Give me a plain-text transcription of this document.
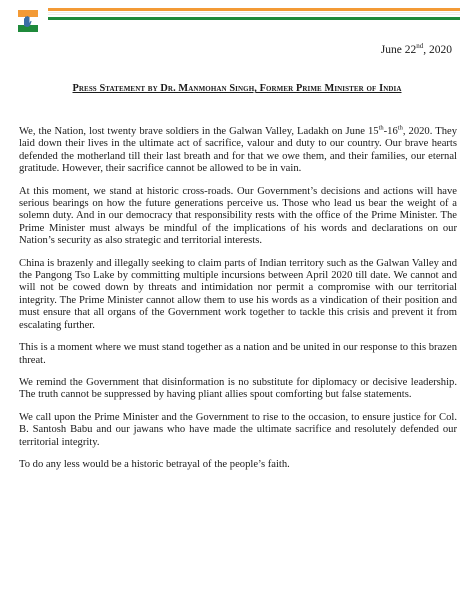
June 22nd, 2020
Press Statement by Dr. Manmohan Singh, Former Prime Minister of India

We, the Nation, lost twenty brave soldiers in the Galwan Valley, Ladakh on June 15th-16th, 2020. They laid down their lives in the ultimate act of sacrifice, valour and duty to our country. Our brave hearts defended the motherland till their last breath and for that we owe them, and their families, our eternal gratitude. However, their sacrifice cannot be allowed to be in vain.

At this moment, we stand at historic cross-roads. Our Government’s decisions and actions will have serious bearings on how the future generations perceive us. Those who lead us bear the weight of a solemn duty. And in our democracy that responsibility rests with the office of the Prime Minister. The Prime Minister must always be mindful of the implications of his words and declarations on our Nation’s security as also strategic and territorial interests.

China is brazenly and illegally seeking to claim parts of Indian territory such as the Galwan Valley and the Pangong Tso Lake by committing multiple incursions between April 2020 till date. We cannot and will not be cowed down by threats and intimidation nor permit a compromise with our territorial integrity. The Prime Minister cannot allow them to use his words as a vindication of their position and must ensure that all organs of the Government work together to tackle this crisis and prevent it from escalating further.

This is a moment where we must stand together as a nation and be united in our response to this brazen threat.

We remind the Government that disinformation is no substitute for diplomacy or decisive leadership. The truth cannot be suppressed by having pliant allies spout comforting but false statements.

We call upon the Prime Minister and the Government to rise to the occasion, to ensure justice for Col. B. Santosh Babu and our jawans who have made the ultimate sacrifice and resolutely defended our territorial integrity.

To do any less would be a historic betrayal of the people’s faith.
